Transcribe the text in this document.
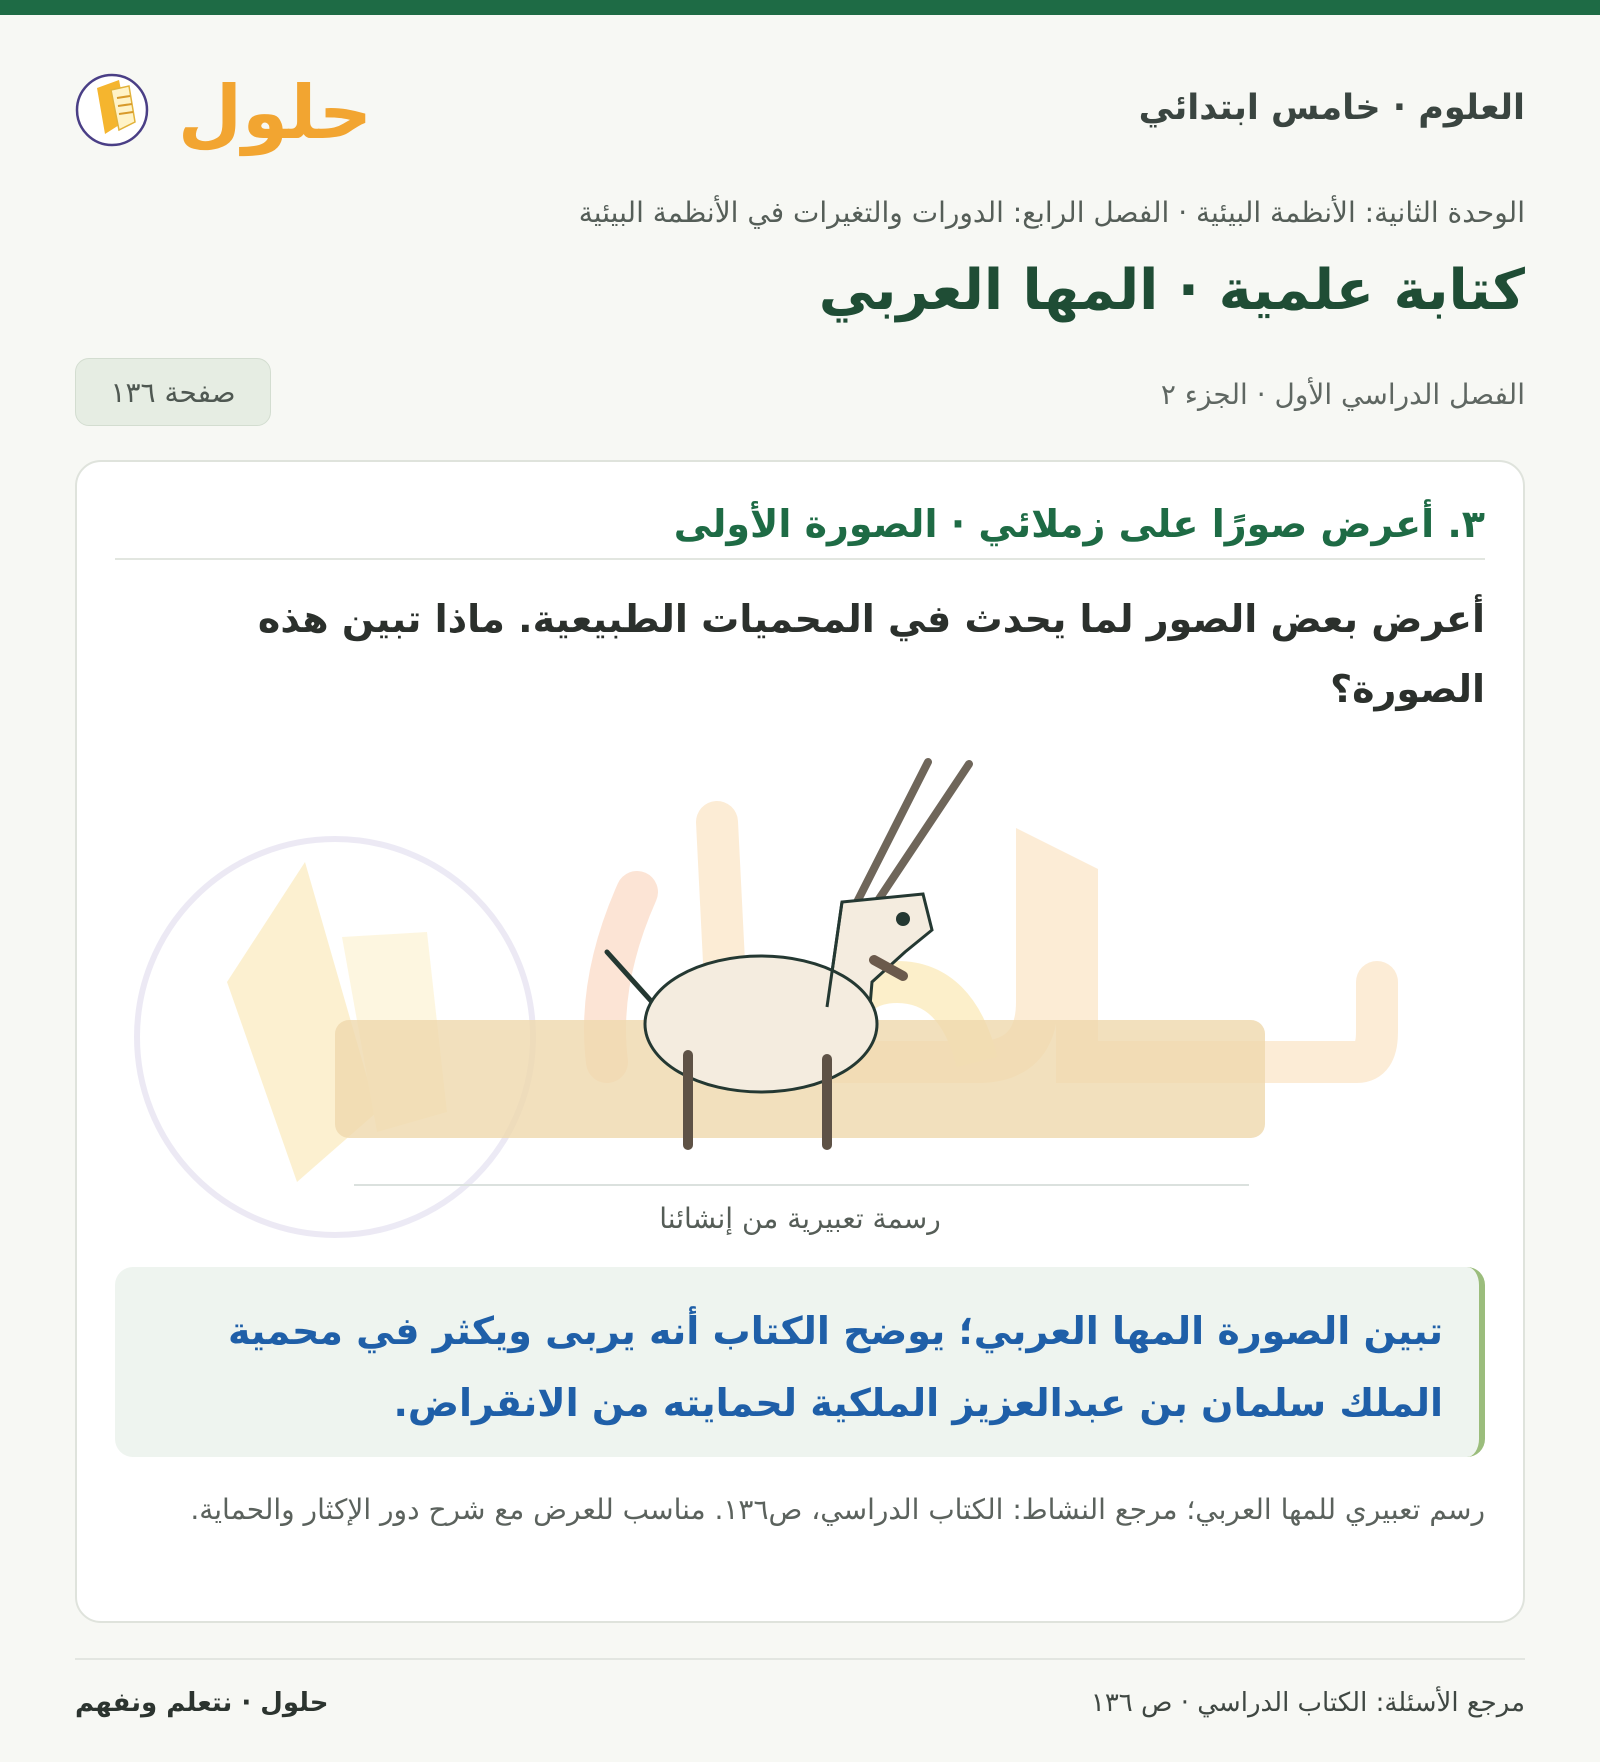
العلوم · خامس ابتدائي
حلول
الوحدة الثانية: الأنظمة البيئية · الفصل الرابع: الدورات والتغيرات في الأنظمة البيئية
كتابة علمية · المها العربي
الفصل الدراسي الأول · الجزء ٢
صفحة ١٣٦
٣. أعرض صورًا على زملائي · الصورة الأولى
أعرض بعض الصور لما يحدث في المحميات الطبيعية. ماذا تبين هذه الصورة؟
رسمة تعبيرية من إنشائنا
تبين الصورة المها العربي؛ يوضح الكتاب أنه يربى ويكثر في محمية الملك سلمان بن عبدالعزيز الملكية لحمايته من الانقراض.
رسم تعبيري للمها العربي؛ مرجع النشاط: الكتاب الدراسي، ص١٣٦. مناسب للعرض مع شرح دور الإكثار والحماية.
مرجع الأسئلة: الكتاب الدراسي · ص ١٣٦
حلول · نتعلم ونفهم
